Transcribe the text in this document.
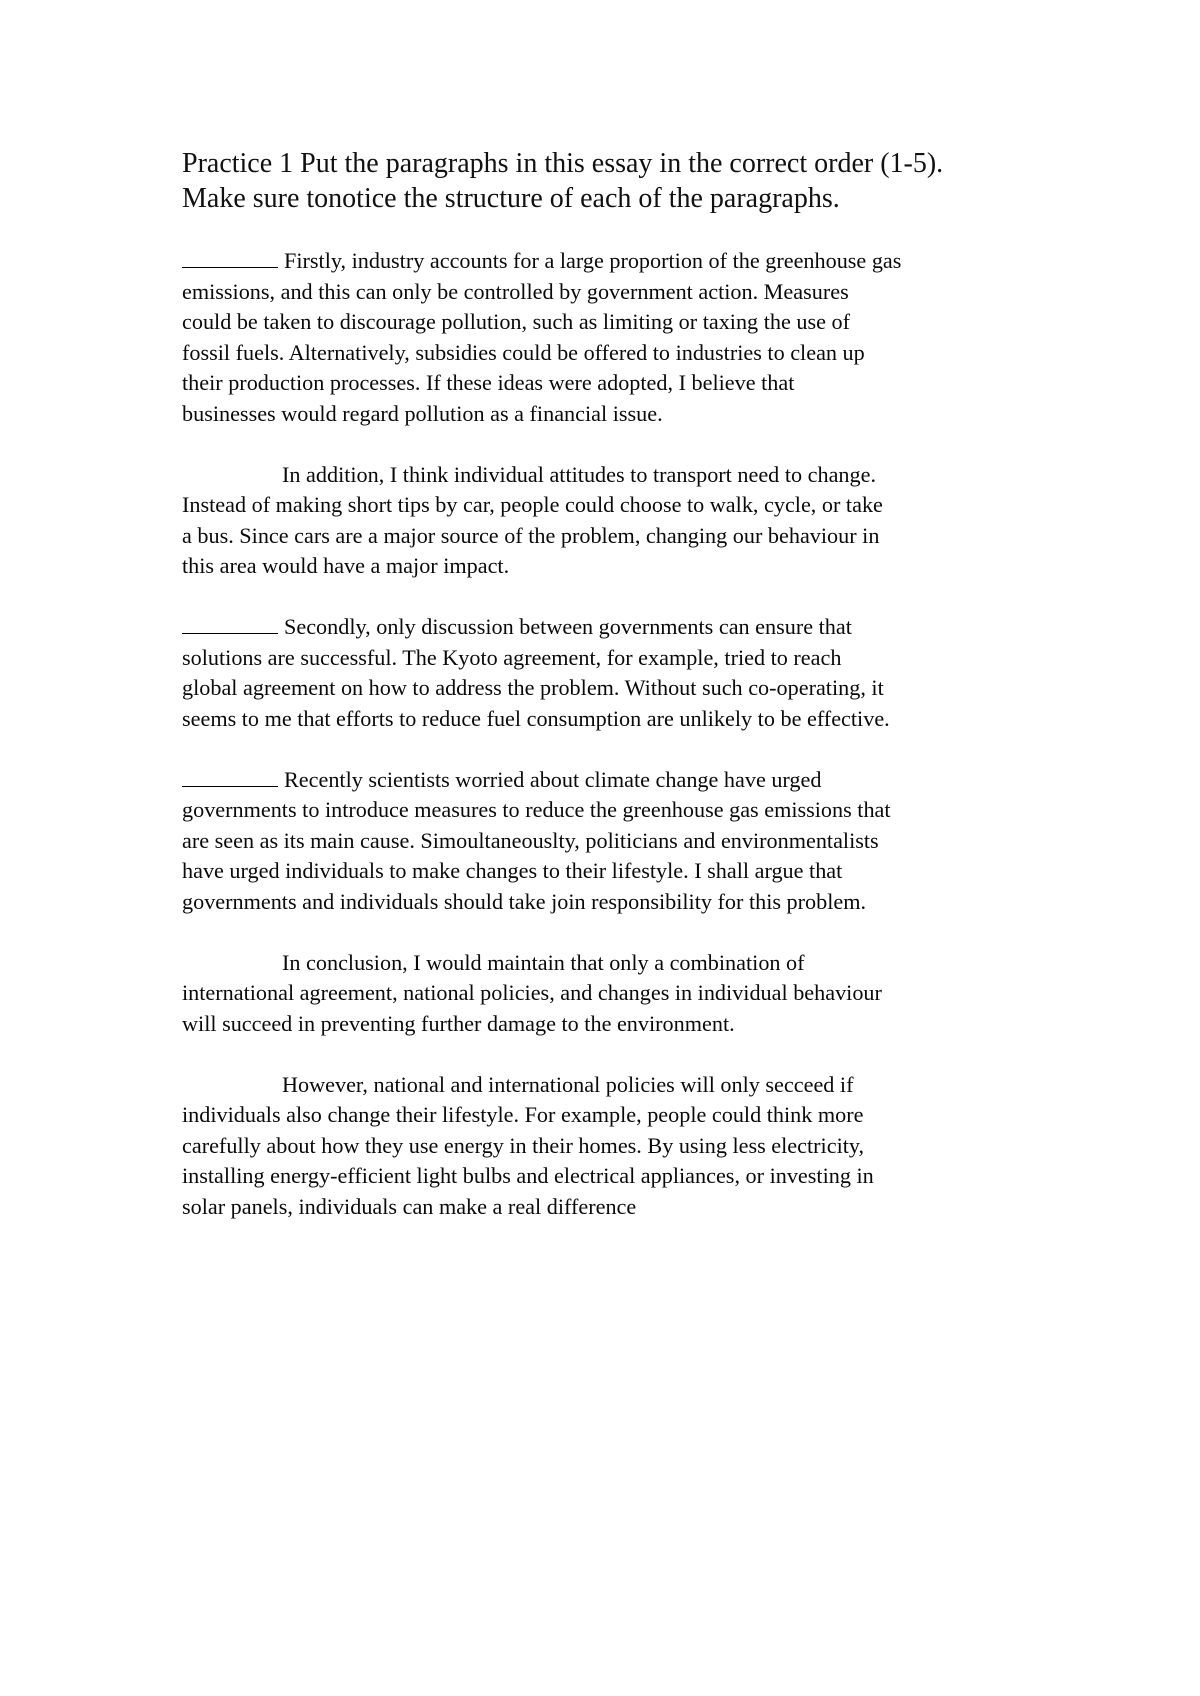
Practice 1 Put the paragraphs in this essay in the correct order (1-5).
Make sure tonotice the structure of each of the paragraphs.
Firstly, industry accounts for a large proportion of the greenhouse gas
emissions, and this can only be controlled by government action. Measures
could be taken to discourage pollution, such as limiting or taxing the use of
fossil fuels. Alternatively, subsidies could be offered to industries to clean up
their production processes. If these ideas were adopted, I believe that
businesses would regard pollution as a financial issue.
In addition, I think individual attitudes to transport need to change.
Instead of making short tips by car, people could choose to walk, cycle, or take
a bus. Since cars are a major source of the problem, changing our behaviour in
this area would have a major impact.
Secondly, only discussion between governments can ensure that
solutions are successful. The Kyoto agreement, for example, tried to reach
global agreement on how to address the problem. Without such co-operating, it
seems to me that efforts to reduce fuel consumption are unlikely to be effective.
Recently scientists worried about climate change have urged
governments to introduce measures to reduce the greenhouse gas emissions that
are seen as its main cause. Simoultaneouslty, politicians and environmentalists
have urged individuals to make changes to their lifestyle. I shall argue that
governments and individuals should take join responsibility for this problem.
In conclusion, I would maintain that only a combination of
international agreement, national policies, and changes in individual behaviour
will succeed in preventing further damage to the environment.
However, national and international policies will only secceed if
individuals also change their lifestyle. For example, people could think more
carefully about how they use energy in their homes. By using less electricity,
installing energy-efficient light bulbs and electrical appliances, or investing in
solar panels, individuals can make a real difference
